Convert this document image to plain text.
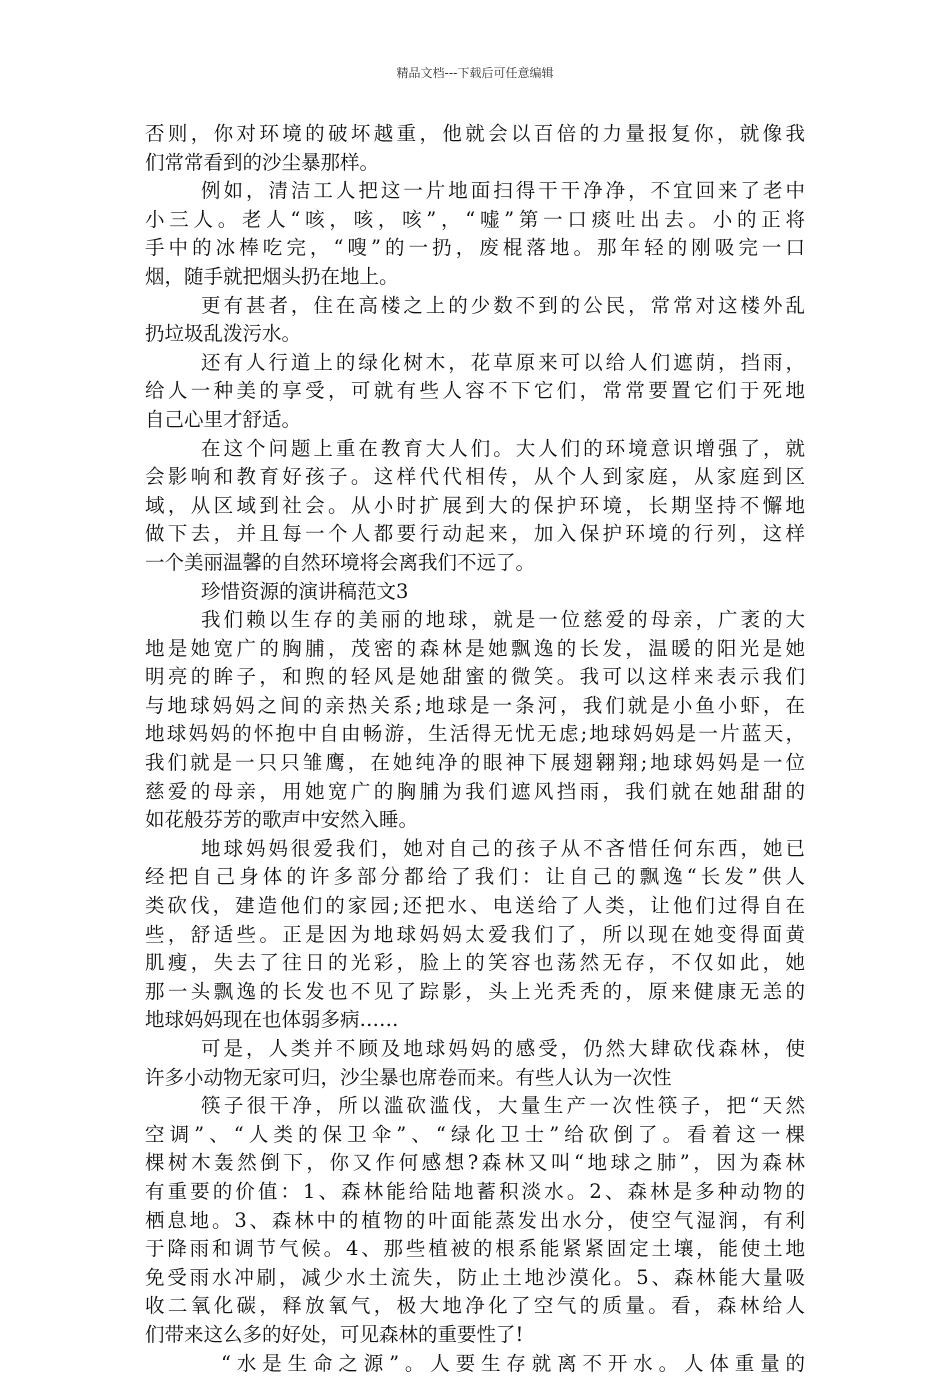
精品文档---下载后可任意编辑
否则，你对环境的破坏越重，他就会以百倍的力量报复你，就像我
们常常看到的沙尘暴那样。
例如，清洁工人把这一片地面扫得干干净净，不宜回来了老中
小三人。老人“咳，咳，咳”，“嘘”第一口痰吐出去。小的正将
手中的冰棒吃完，“嗖”的一扔，废棍落地。那年轻的刚吸完一口
烟，随手就把烟头扔在地上。
更有甚者，住在高楼之上的少数不到的公民，常常对这楼外乱
扔垃圾乱泼污水。
还有人行道上的绿化树木，花草原来可以给人们遮荫，挡雨，
给人一种美的享受，可就有些人容不下它们，常常要置它们于死地
自己心里才舒适。
在这个问题上重在教育大人们。大人们的环境意识增强了，就
会影响和教育好孩子。这样代代相传，从个人到家庭，从家庭到区
域，从区域到社会。从小时扩展到大的保护环境，长期坚持不懈地
做下去，并且每一个人都要行动起来，加入保护环境的行列，这样
一个美丽温馨的自然环境将会离我们不远了。
珍惜资源的演讲稿范文3
我们赖以生存的美丽的地球，就是一位慈爱的母亲，广袤的大
地是她宽广的胸脯，茂密的森林是她飘逸的长发，温暖的阳光是她
明亮的眸子，和煦的轻风是她甜蜜的微笑。我可以这样来表示我们
与地球妈妈之间的亲热关系;地球是一条河，我们就是小鱼小虾，在
地球妈妈的怀抱中自由畅游，生活得无忧无虑;地球妈妈是一片蓝天，
我们就是一只只雏鹰，在她纯净的眼神下展翅翱翔;地球妈妈是一位
慈爱的母亲，用她宽广的胸脯为我们遮风挡雨，我们就在她甜甜的
如花般芬芳的歌声中安然入睡。
地球妈妈很爱我们，她对自己的孩子从不吝惜任何东西，她已
经把自己身体的许多部分都给了我们：让自己的飘逸“长发”供人
类砍伐，建造他们的家园;还把水、电送给了人类，让他们过得自在
些，舒适些。正是因为地球妈妈太爱我们了，所以现在她变得面黄
肌瘦，失去了往日的光彩，脸上的笑容也荡然无存，不仅如此，她
那一头飘逸的长发也不见了踪影，头上光秃秃的，原来健康无恙的
地球妈妈现在也体弱多病……
可是，人类并不顾及地球妈妈的感受，仍然大肆砍伐森林，使
许多小动物无家可归，沙尘暴也席卷而来。有些人认为一次性
筷子很干净，所以滥砍滥伐，大量生产一次性筷子，把“天然
空调”、“人类的保卫伞”、“绿化卫士”给砍倒了。看着这一棵
棵树木轰然倒下，你又作何感想?森林又叫“地球之肺”，因为森林
有重要的价值：1、森林能给陆地蓄积淡水。2、森林是多种动物的
栖息地。3、森林中的植物的叶面能蒸发出水分，使空气湿润，有利
于降雨和调节气候。4、那些植被的根系能紧紧固定土壤，能使土地
免受雨水冲刷，减少水土流失，防止土地沙漠化。5、森林能大量吸
收二氧化碳，释放氧气，极大地净化了空气的质量。看，森林给人
们带来这么多的好处，可见森林的重要性了!
“水是生命之源”。人要生存就离不开水。人体重量的
